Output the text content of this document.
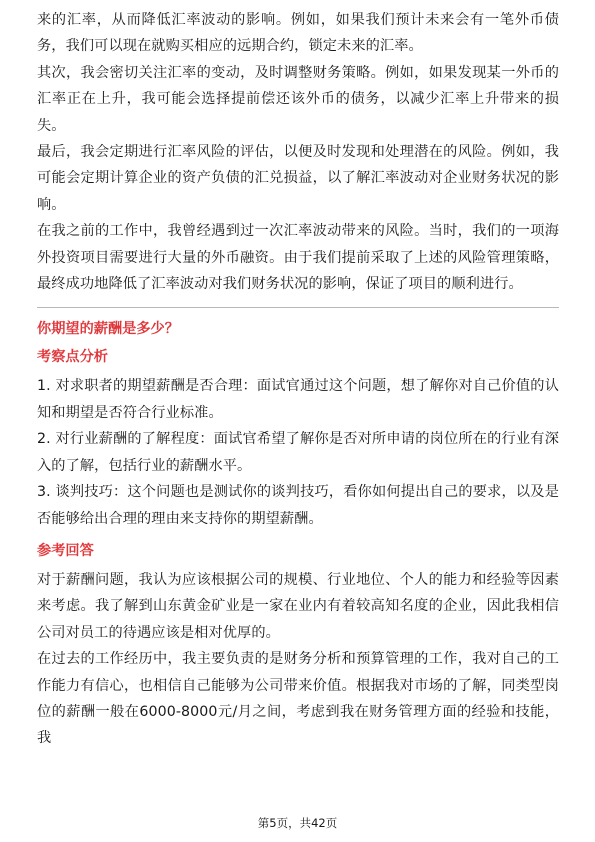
来的汇率，从而降低汇率波动的影响。例如，如果我们预计未来会有一笔外币债务，我们可以现在就购买相应的远期合约，锁定未来的汇率。

其次，我会密切关注汇率的变动，及时调整财务策略。例如，如果发现某一外币的汇率正在上升，我可能会选择提前偿还该外币的债务，以减少汇率上升带来的损失。

最后，我会定期进行汇率风险的评估，以便及时发现和处理潜在的风险。例如，我可能会定期计算企业的资产负债的汇兑损益，以了解汇率波动对企业财务状况的影响。

在我之前的工作中，我曾经遇到过一次汇率波动带来的风险。当时，我们的一项海外投资项目需要进行大量的外币融资。由于我们提前采取了上述的风险管理策略，最终成功地降低了汇率波动对我们财务状况的影响，保证了项目的顺利进行。

你期望的薪酬是多少？

考察点分析

1. 对求职者的期望薪酬是否合理：面试官通过这个问题，想了解你对自己价值的认知和期望是否符合行业标准。

2. 对行业薪酬的了解程度：面试官希望了解你是否对所申请的岗位所在的行业有深入的了解，包括行业的薪酬水平。

3. 谈判技巧：这个问题也是测试你的谈判技巧，看你如何提出自己的要求，以及是否能够给出合理的理由来支持你的期望薪酬。

参考回答

对于薪酬问题，我认为应该根据公司的规模、行业地位、个人的能力和经验等因素来考虑。我了解到山东黄金矿业是一家在业内有着较高知名度的企业，因此我相信公司对员工的待遇应该是相对优厚的。

在过去的工作经历中，我主要负责的是财务分析和预算管理的工作，我对自己的工作能力有信心，也相信自己能够为公司带来价值。根据我对市场的了解，同类型岗位的薪酬一般在6000-8000元/月之间，考虑到我在财务管理方面的经验和技能，我

第5页，共42页
